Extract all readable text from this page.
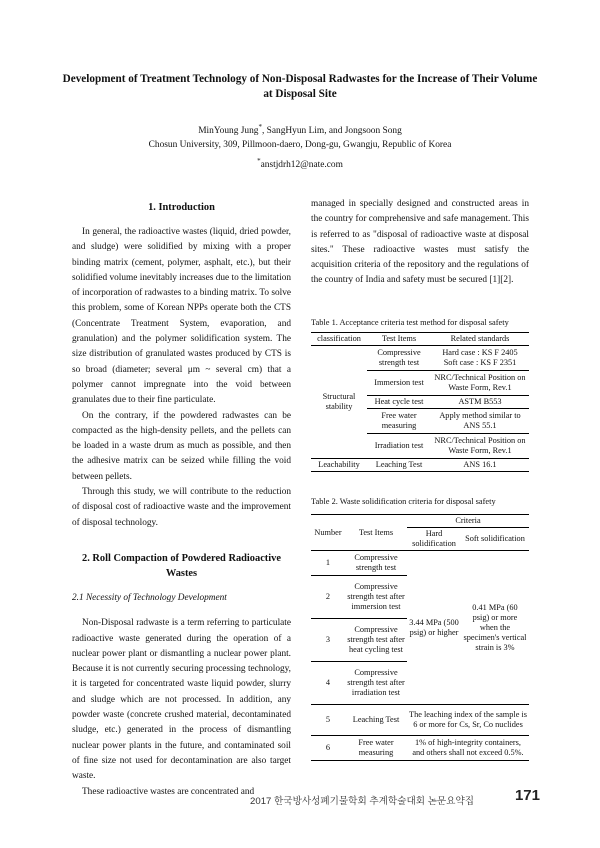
Development of Treatment Technology of Non-Disposal Radwastes for the Increase of Their Volume at Disposal Site
MinYoung Jung*, SangHyun Lim, and Jongsoon Song
Chosun University, 309, Pillmoon-daero, Dong-gu, Gwangju, Republic of Korea
*anstjdrh12@nate.com
1. Introduction

In general, the radioactive wastes (liquid, dried powder, and sludge) were solidified by mixing with a proper binding matrix (cement, polymer, asphalt, etc.), but their solidified volume inevitably increases due to the limitation of incorporation of radwastes to a binding matrix. To solve this problem, some of Korean NPPs operate both the CTS (Concentrate Treatment System, evaporation, and granulation) and the polymer solidification system. The size distribution of granulated wastes produced by CTS is so broad (diameter; several μm ~ several cm) that a polymer cannot impregnate into the void between granulates due to their fine particulate.

On the contrary, if the powdered radwastes can be compacted as the high-density pellets, and the pellets can be loaded in a waste drum as much as possible, and then the adhesive matrix can be seized while filling the void between pellets.

Through this study, we will contribute to the reduction of disposal cost of radioactive waste and the improvement of disposal technology.

2. Roll Compaction of Powdered Radioactive Wastes
2.1 Necessity of Technology Development

Non-Disposal radwaste is a term referring to particulate radioactive waste generated during the operation of a nuclear power plant or dismantling a nuclear power plant. Because it is not currently securing processing technology, it is targeted for concentrated waste liquid powder, slurry and sludge which are not processed. In addition, any powder waste (concrete crushed material, decontaminated sludge, etc.) generated in the process of dismantling nuclear power plants in the future, and contaminated soil of fine size not used for decontamination are also target waste.

These radioactive wastes are concentrated and

managed in specially designed and constructed areas in the country for comprehensive and safe management. This is referred to as "disposal of radioactive waste at disposal sites." These radioactive wastes must satisfy the acquisition criteria of the repository and the regulations of the country of India and safety must be secured [1][2].

Table 1. Acceptance criteria test method for disposal safety
classification	Test Items	Related standards
Structural stability	Compressive strength test	Hard case : KS F 2405
Soft case : KS F 2351
	Immersion test	NRC/Technical Position on Waste Form, Rev.1
	Heat cycle test	ASTM B553
	Free water measuring	Apply method similar to ANS 55.1
	Irradiation test	NRC/Technical Position on Waste Form, Rev.1
Leachability	Leaching Test	ANS 16.1
Table 2. Waste solidification criteria for disposal safety
Number	Test Items	Criteria	
		Hard solidification	Soft solidification
1	Compressive strength test	3.44 MPa (500 psig) or higher	0.41 MPa (60 psig) or more when the specimen's vertical strain is 3%
2	Compressive strength test after immersion test		
3	Compressive strength test after heat cycling test		
4	Compressive strength test after irradiation test		
5	Leaching Test	The leaching index of the sample is 6 or more for Cs, Sr, Co nuclides	
6	Free water measuring	1% of high-integrity containers, and others shall not exceed 0.5%.	
2017 한국방사성폐기물학회 추계학술대회 논문요약집	171
